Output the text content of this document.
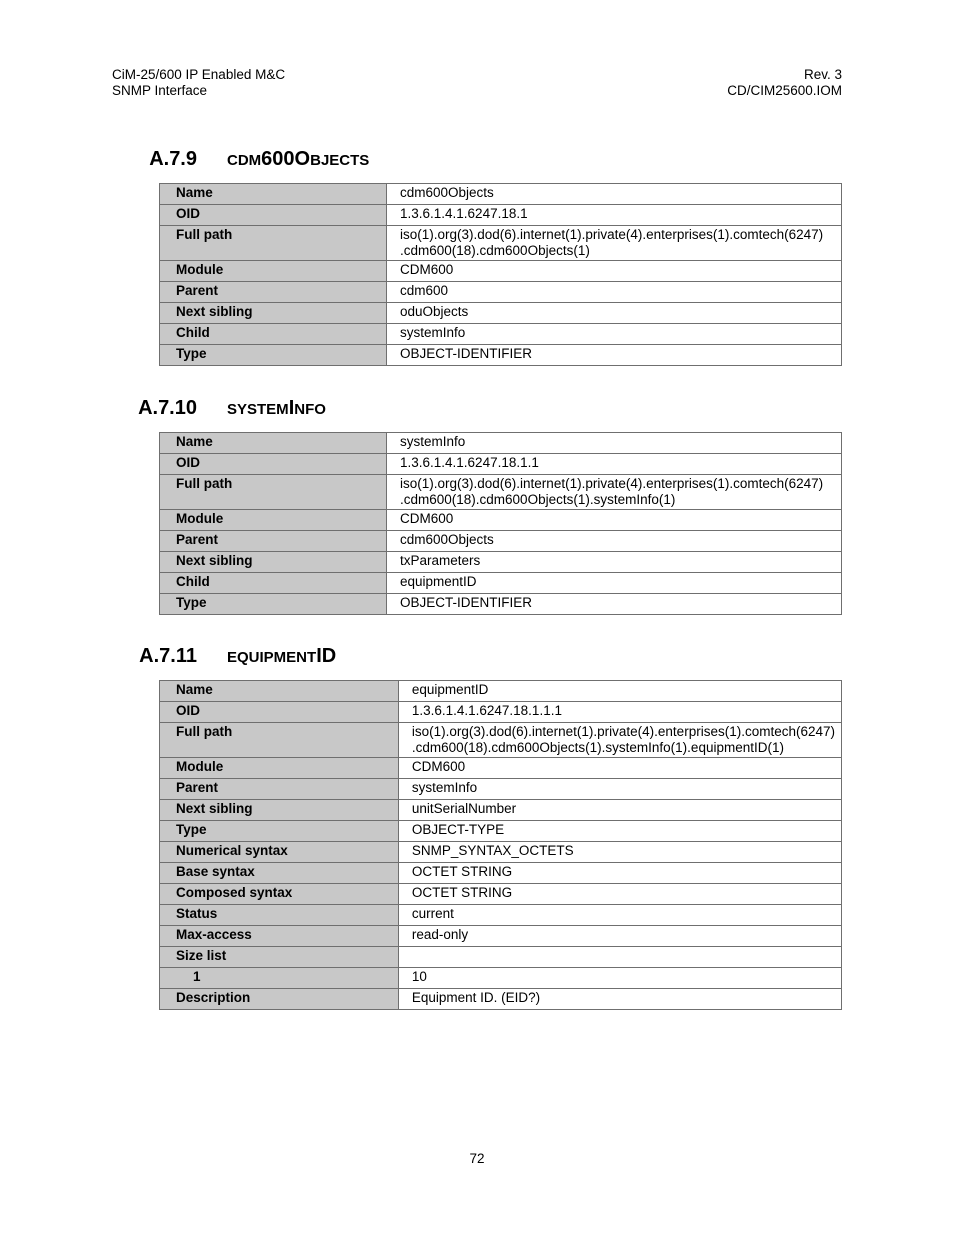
CiM-25/600 IP Enabled M&C
SNMP Interface
Rev. 3
CD/CIM25600.IOM
A.7.9 CDM600OBJECTS
Name	cdm600Objects

OID	1.3.6.1.4.1.6247.18.1

Full path	iso(1).org(3).dod(6).internet(1).private(4).enterprises(1).comtech(6247)
.cdm600(18).cdm600Objects(1)

Module	CDM600

Parent	cdm600

Next sibling	oduObjects

Child	systemInfo

Type	OBJECT-IDENTIFIER
A.7.10 SYSTEMINFO
Name	systemInfo

OID	1.3.6.1.4.1.6247.18.1.1

Full path	iso(1).org(3).dod(6).internet(1).private(4).enterprises(1).comtech(6247)
.cdm600(18).cdm600Objects(1).systemInfo(1)

Module	CDM600

Parent	cdm600Objects

Next sibling	txParameters

Child	equipmentID

Type	OBJECT-IDENTIFIER
A.7.11 EQUIPMENTID
Name	equipmentID

OID	1.3.6.1.4.1.6247.18.1.1.1

Full path	iso(1).org(3).dod(6).internet(1).private(4).enterprises(1).comtech(6247)
.cdm600(18).cdm600Objects(1).systemInfo(1).equipmentID(1)

Module	CDM600

Parent	systemInfo

Next sibling	unitSerialNumber

Type	OBJECT-TYPE

Numerical syntax	SNMP_SYNTAX_OCTETS

Base syntax	OCTET STRING

Composed syntax	OCTET STRING

Status	current

Max-access	read-only

Size list	

1	10

Description	Equipment ID. (EID?)
72
